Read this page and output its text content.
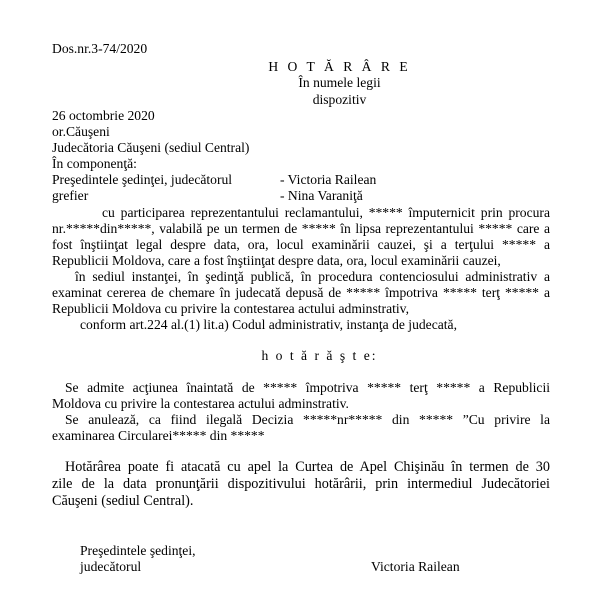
Dos.nr.3-74/2020
H O T Ă R Â R E
În numele legii
dispozitiv
26 octombrie 2020
or.Căuşeni
Judecătoria Căuşeni (sediul Central)
În componenţă:
Preşedintele şedinţei, judecătorul	- Victoria Railean
grefier	- Nina Varaniţă
cu participarea reprezentantului reclamantului, ***** împuternicit prin procura
nr.*****din*****, valabilă pe un termen de ***** în lipsa reprezentantului ***** care a
fost înştiinţat legal despre data, ora, locul examinării cauzei, şi a terţului ***** a
Republicii Moldova, care a fost înştiinţat despre data, ora, locul examinării cauzei,
în sediul instanţei, în şedinţă publică, în procedura contenciosului administrativ a
examinat cererea de chemare în judecată depusă de ***** împotriva ***** terţ ***** a
Republicii Moldova cu privire la contestarea actului adminstrativ,
conform art.224 al.(1) lit.a) Codul administrativ, instanţa de judecată,
h o t ă r ă ş t e:
Se admite acţiunea înaintată de ***** împotriva ***** terţ ***** a Republicii
Moldova cu privire la contestarea actului adminstrativ.
Se anulează, ca fiind ilegală Decizia *****nr***** din ***** ”Cu privire la
examinarea Circularei***** din *****
Hotărârea poate fi atacată cu apel la Curtea de Apel Chişinău în termen de 30
zile de la data pronunţării dispozitivului hotărârii, prin intermediul Judecătoriei
Căuşeni (sediul Central).
Preşedintele şedinţei,
judecătorul	Victoria Railean
